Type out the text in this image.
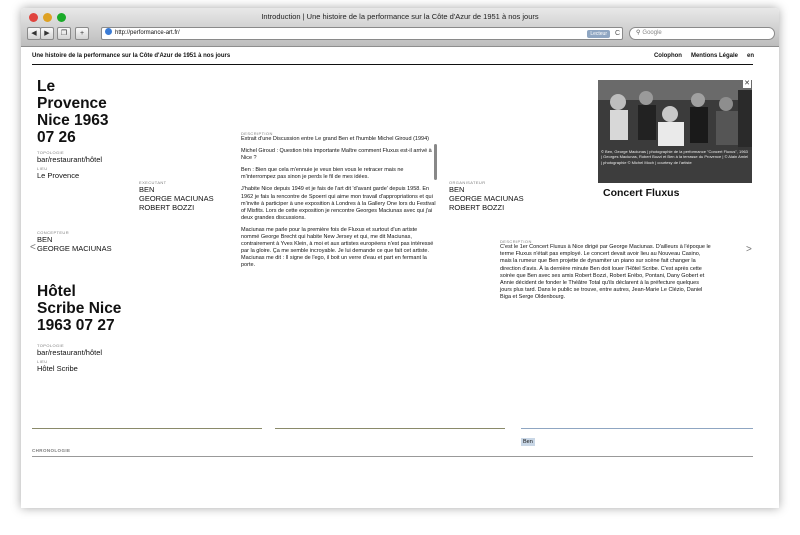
Introduction | Une histoire de la performance sur la Côte d'Azur de 1951 à nos jours
◀	▶	❐	+	http://performance-art.fr/	Lecteur	C	⚲ Google
Une histoire de la performance sur la Côte d'Azur de 1951 à nos jours	Colophon Mentions Légale en
Le
Provence
Nice 1963
07 26
TOPOLOGIE
bar/restaurant/hôtel
LIEU
Le Provence
CONCEPTEUR
BEN
GEORGE MACIUNAS
<
Hôtel
Scribe Nice
1963 07 27
TOPOLOGIE
bar/restaurant/hôtel
LIEU
Hôtel Scribe
EXECUTANT
BEN
GEORGE MACIUNAS
ROBERT BOZZI
DESCRIPTION

Extrait d'une Discussion entre Le grand Ben et l'humble Michel Giroud (1994)

Michel Giroud : Question très importante Maître comment Fluxus est-il arrivé à Nice ?

Ben : Bien que cela m'ennuie je veux bien vous le retracer mais ne m'interrompez pas sinon je perds le fil de mes idées.

J'habite Nice depuis 1949 et je fais de l'art dit 'd'avant garde' depuis 1958. En 1962 je fais la rencontre de Spoerri qui aime mon travail d'appropriations et qui m'invite à participer à une exposition à Londres à la Gallery One lors du Festival of Misfits. Lors de cette exposition je rencontre Georges Maciunas avec qui j'ai deux grandes discussions.

Maciunas me parle pour la première fois de Fluxus et surtout d'un artiste nommé George Brecht qui habite New Jersey et qui, me dit Maciunas, contrairement à Yves Klein, à moi et aux artistes européens n'est pas intéressé par la gloire. Ça me semble incroyable. Je lui demande ce que fait cet artiste. Maciunas me dit : Il signe de l'ego, il boit un verre d'eau et part en fermant la porte.

ORGANISATEUR
BEN
GEORGE MACIUNAS
ROBERT BOZZI
© Ben, George Maciunas | photographie de la performance "Concert Fluxus", 1963 | Georges Maciunas, Robert Bozzi et Ben à la terrasse du Provence | © Alain Amiel | photographie © Michel Moch | courtesy de l'artiste
✕
Concert Fluxus
DESCRIPTION
C'est le 1er Concert Fluxus à Nice dirigé par George Maciunas. D'ailleurs à l'époque le terme Fluxus n'était pas employé. Le concert devait avoir lieu au Nouveau Casino, mais la rumeur que Ben projette de dynamiter un piano sur scène fait changer la direction d'avis. À la dernière minute Ben doit louer l'Hôtel Scribe. C'est après cette soirée que Ben avec ses amis Robert Bozzi, Robert Erébo, Pontani, Dany Gobert et Annie décident de fonder le Théâtre Total qu'ils déclarent à la préfecture quelques jours plus tard. Dans le public se trouve, entre autres, Jean-Marie Le Clézio, Daniel Biga et Serge Oldenbourg.
>
Ben
CHRONOLOGIE
